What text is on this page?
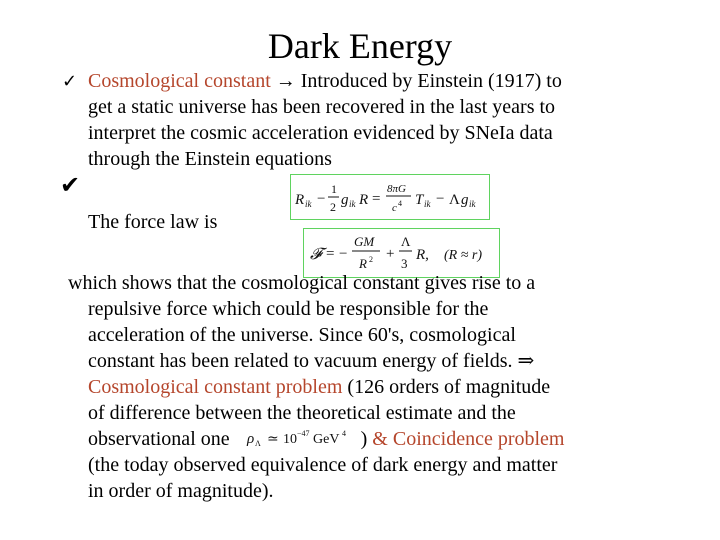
Dark Energy
✓ Cosmological constant → Introduced by Einstein (1917) to
get a static universe has been recovered in the last years to
interpret the cosmic acceleration evidenced by SNeIa data
through the Einstein equations
✔
R ik −
1
2 g ik R =
8πG
c 4 T ik − Λ g ik
The force law is
𝓕 = −
GM
R 2 +
Λ
3
R, (R ≈ r)
which shows that the cosmological constant gives rise to a
repulsive force which could be responsible for the
acceleration of the universe. Since 60's, cosmological
constant has been related to vacuum energy of fields. ⇒
Cosmological constant problem (126 orders of magnitude
of difference between the theoretical estimate and the
observational one ρ Λ ≃ 10 −47 GeV 4 ) & Coincidence problem
(the today observed equivalence of dark energy and matter
in order of magnitude).
